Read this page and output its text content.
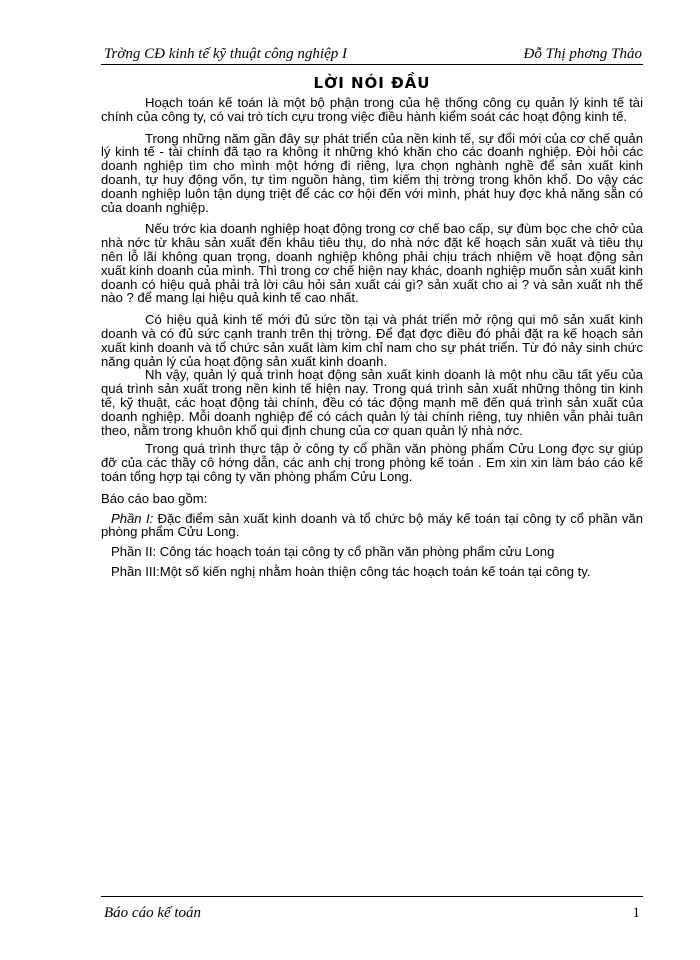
Trờng CĐ kinh tế kỹ thuật công nghiệp I	Đỗ Thị phơng Thảo
LỜI NÓI ĐẦU

Hoạch toán kế toán là một bộ phận trong của hệ thống công cụ quản lý kinh tế tài chính của công ty, có vai trò tích cựu trong việc điều hành kiểm soát các hoạt động kinh tế.

Trong những năm gần đây sự phát triển của nền kinh tế, sự đổi mới của cơ chế quản lý kinh tế - tài chính đã tạo ra không ít những khó khăn cho các doanh nghiệp. Đòi hỏi các doanh nghiệp tìm cho mình một hớng đi riêng, lựa chọn nghành nghề để sản xuất kinh doanh, tự huy động vốn, tự tìm nguồn hàng, tìm kiếm thị trờng trong khôn khổ. Do vậy các doanh nghiệp luôn tận dụng triệt để các cơ hội đến với mình, phát huy đợc khả năng sẵn có của doanh nghiệp.

Nếu trớc kia doanh nghiệp hoạt động trong cơ chế bao cấp, sự đùm bọc che chở của nhà nớc từ khâu sản xuất đến khâu tiêu thụ, do nhà nớc đặt kế hoạch sản xuất và tiêu thụ nên lỗ lãi không quan trọng, doanh nghiệp không phải chịu trách nhiệm về hoạt động sản xuất kinh doanh của mình. Thì trong cơ chế hiện nay khác, doanh nghiệp muốn sản xuất kinh doanh có hiệu quả phải trả lời câu hỏi sản xuất cái gì? sản xuất cho ai ? và sản xuất nh thế nào ? để mang lại hiệu quả kinh tế cao nhất.

Có hiệu quả kinh tế mới đủ sức tồn tại và phát triển mở rộng qui mô sản xuất kinh doanh và có đủ sức cạnh tranh trên thị trờng. Để đạt đợc điều đó phải đặt ra kế hoạch sản xuất kinh doanh và tổ chức sản xuất làm kim chỉ nam cho sự phát triển. Từ đó nảy sinh chức năng quản lý của hoạt động sản xuất kinh doanh.

Nh vậy, quản lý quá trình hoạt động sản xuất kinh doanh là một nhu cầu tất yếu của quá trình sản xuất trong nền kinh tế hiện nay. Trong quá trình sản xuất những thông tin kinh tế, kỹ thuật, các hoạt động tài chính, đều có tác động mạnh mẽ đến quá trình sản xuất của doanh nghiệp. Mỗi doanh nghiệp để có cách quản lý tài chính riêng, tuy nhiên vẫn phải tuân theo, nằm trong khuôn khổ qui định chung của cơ quan quản lý nhà nớc.

Trong quá trình thực tập ở công ty cổ phần văn phòng phẩm Cửu Long đợc sự giúp đỡ của các thầy cô hớng dẫn, các anh chị trong phòng kế toán . Em xin xin làm báo cáo kế toán tổng hợp tại công ty văn phòng phẩm Cửu Long.

Báo cáo bao gồm:

Phần I: Đặc điểm sản xuất kinh doanh và tổ chức bộ máy kế toán tại công ty cổ phần văn phòng phẩm Cửu Long.

Phần II: Công tác hoạch toán tại công ty cổ phần văn phòng phẩm cửu Long

Phần III:Một số kiến nghị nhằm hoàn thiện công tác hoạch toán kế toán tại công ty.

Báo cáo kế toán	1
